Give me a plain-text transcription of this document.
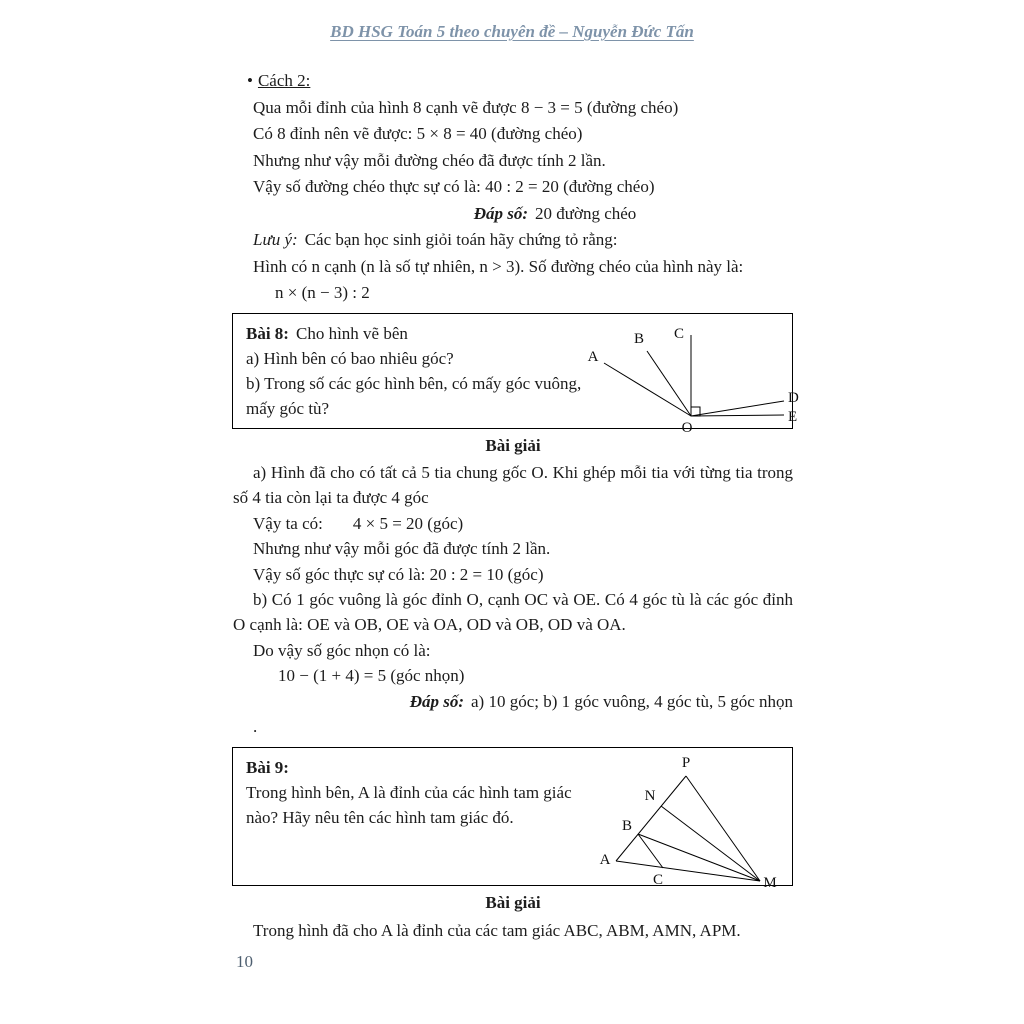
BD HSG Toán 5 theo chuyên đề – Nguyễn Đức Tấn

• Cách 2:

Qua mỗi đỉnh của hình 8 cạnh vẽ được 8 − 3 = 5 (đường chéo)

Có 8 đỉnh nên vẽ được: 5 × 8 = 40 (đường chéo)

Nhưng như vậy mỗi đường chéo đã được tính 2 lần.

Vậy số đường chéo thực sự có là: 40 : 2 = 20 (đường chéo)

Đáp số: 20 đường chéo

Lưu ý: Các bạn học sinh giỏi toán hãy chứng tỏ rằng:

Hình có n cạnh (n là số tự nhiên, n > 3). Số đường chéo của hình này là:

n × (n − 3) : 2

Bài 8: Cho hình vẽ bên

a) Hình bên có bao nhiêu góc?

b) Trong số các góc hình bên, có mấy góc vuông, mấy góc tù?

A
B C
D
E
O

Bài giải

a) Hình đã cho có tất cả 5 tia chung gốc O. Khi ghép mỗi tia với từng tia trong số 4 tia còn lại ta được 4 góc

Vậy ta có: 4 × 5 = 20 (góc)

Nhưng như vậy mỗi góc đã được tính 2 lần.

Vậy số góc thực sự có là: 20 : 2 = 10 (góc)

b) Có 1 góc vuông là góc đỉnh O, cạnh OC và OE. Có 4 góc tù là các góc đỉnh O cạnh là: OE và OB, OE và OA, OD và OB, OD và OA.

Do vậy số góc nhọn có là:

10 − (1 + 4) = 5 (góc nhọn)

Đáp số: a) 10 góc; b) 1 góc vuông, 4 góc tù, 5 góc nhọn

.

Bài 9:

Trong hình bên, A là đỉnh của các hình tam giác nào? Hãy nêu tên các hình tam giác đó.

P
N
B
A
C	M

Bài giải

Trong hình đã cho A là đỉnh của các tam giác ABC, ABM, AMN, APM.

10
